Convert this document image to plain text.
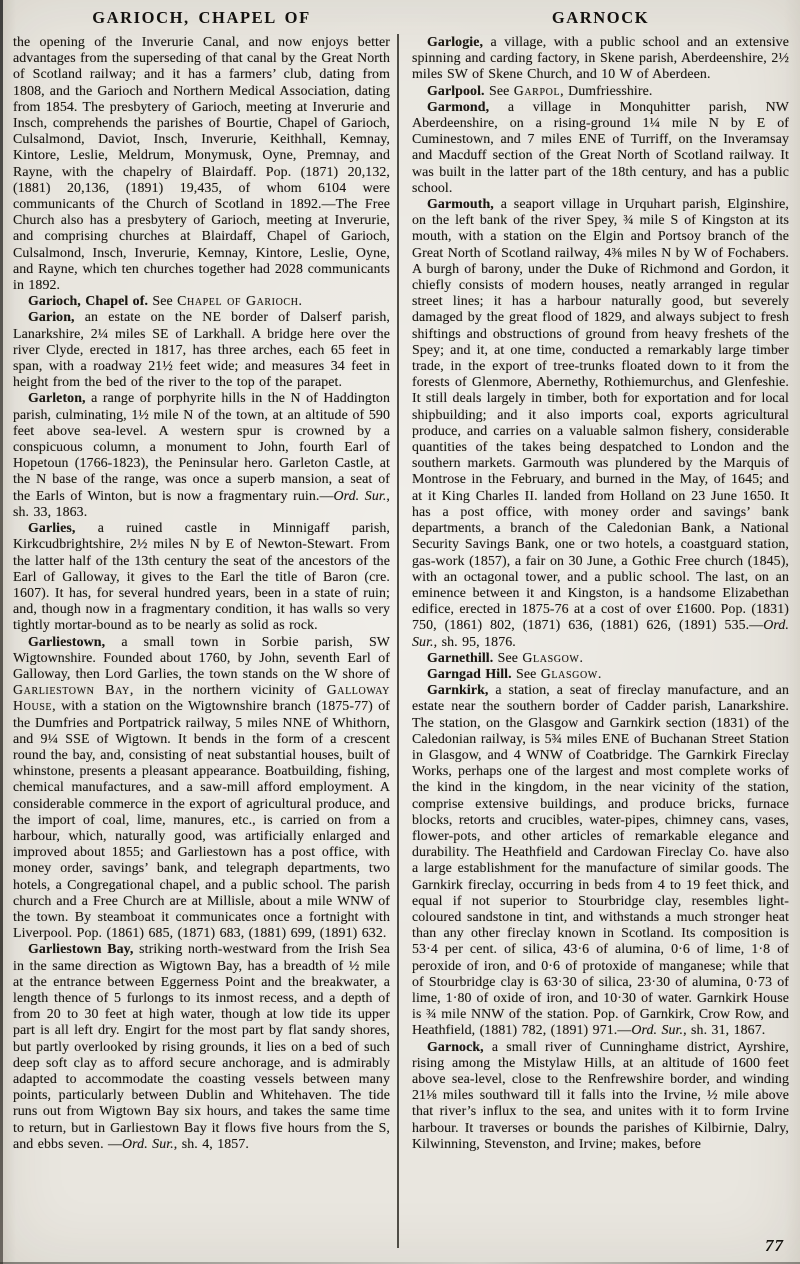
GARIOCH, CHAPEL OF

the opening of the Inverurie Canal, and now enjoys better advantages from the superseding of that canal by the Great North of Scotland railway; and it has a farmers’ club, dating from 1808, and the Garioch and Northern Medical Association, dating from 1854. The presbytery of Garioch, meeting at Inverurie and Insch, comprehends the parishes of Bourtie, Chapel of Garioch, Culsalmond, Daviot, Insch, Inverurie, Keithhall, Kemnay, Kintore, Leslie, Meldrum, Monymusk, Oyne, Premnay, and Rayne, with the chapelry of Blairdaff. Pop. (1871) 20,132, (1881) 20,136, (1891) 19,435, of whom 6104 were communicants of the Church of Scotland in 1892.—The Free Church also has a presbytery of Garioch, meeting at Inverurie, and comprising churches at Blairdaff, Chapel of Garioch, Culsalmond, Insch, Inverurie, Kemnay, Kintore, Leslie, Oyne, and Rayne, which ten churches together had 2028 communicants in 1892.

Garioch, Chapel of. See Chapel of Garioch.

Garion, an estate on the NE border of Dalserf parish, Lanarkshire, 2¼ miles SE of Larkhall. A bridge here over the river Clyde, erected in 1817, has three arches, each 65 feet in span, with a roadway 21½ feet wide; and measures 34 feet in height from the bed of the river to the top of the parapet.

Garleton, a range of porphyrite hills in the N of Haddington parish, culminating, 1½ mile N of the town, at an altitude of 590 feet above sea-level. A western spur is crowned by a conspicuous column, a monument to John, fourth Earl of Hopetoun (1766-1823), the Peninsular hero. Garleton Castle, at the N base of the range, was once a superb mansion, a seat of the Earls of Winton, but is now a fragmentary ruin.—Ord. Sur., sh. 33, 1863.

Garlies, a ruined castle in Minnigaff parish, Kirkcudbrightshire, 2½ miles N by E of Newton-Stewart. From the latter half of the 13th century the seat of the ancestors of the Earl of Galloway, it gives to the Earl the title of Baron (cre. 1607). It has, for several hundred years, been in a state of ruin; and, though now in a fragmentary condition, it has walls so very tightly mortar-bound as to be nearly as solid as rock.

Garliestown, a small town in Sorbie parish, SW Wigtownshire. Founded about 1760, by John, seventh Earl of Galloway, then Lord Garlies, the town stands on the W shore of Garliestown Bay, in the northern vicinity of Galloway House, with a station on the Wigtownshire branch (1875-77) of the Dumfries and Portpatrick railway, 5 miles NNE of Whithorn, and 9¼ SSE of Wigtown. It bends in the form of a crescent round the bay, and, consisting of neat substantial houses, built of whinstone, presents a pleasant appearance. Boatbuilding, fishing, chemical manufactures, and a saw-mill afford employment. A considerable commerce in the export of agricultural produce, and the import of coal, lime, manures, etc., is carried on from a harbour, which, naturally good, was artificially enlarged and improved about 1855; and Garliestown has a post office, with money order, savings’ bank, and telegraph departments, two hotels, a Congregational chapel, and a public school. The parish church and a Free Church are at Millisle, about a mile WNW of the town. By steamboat it communicates once a fortnight with Liverpool. Pop. (1861) 685, (1871) 683, (1881) 699, (1891) 632.

Garliestown Bay, striking north-westward from the Irish Sea in the same direction as Wigtown Bay, has a breadth of ½ mile at the entrance between Eggerness Point and the breakwater, a length thence of 5 furlongs to its inmost recess, and a depth of from 20 to 30 feet at high water, though at low tide its upper part is all left dry. Engirt for the most part by flat sandy shores, but partly overlooked by rising grounds, it lies on a bed of such deep soft clay as to afford secure anchorage, and is admirably adapted to accommodate the coasting vessels between many points, particularly between Dublin and Whitehaven. The tide runs out from Wigtown Bay six hours, and takes the same time to return, but in Garliestown Bay it flows five hours from the S, and ebbs seven. —Ord. Sur., sh. 4, 1857.

GARNOCK

Garlogie, a village, with a public school and an extensive spinning and carding factory, in Skene parish, Aberdeenshire, 2½ miles SW of Skene Church, and 10 W of Aberdeen.

Garlpool. See Garpol, Dumfriesshire.

Garmond, a village in Monquhitter parish, NW Aberdeenshire, on a rising-ground 1¼ mile N by E of Cuminestown, and 7 miles ENE of Turriff, on the Inveramsay and Macduff section of the Great North of Scotland railway. It was built in the latter part of the 18th century, and has a public school.

Garmouth, a seaport village in Urquhart parish, Elginshire, on the left bank of the river Spey, ¾ mile S of Kingston at its mouth, with a station on the Elgin and Portsoy branch of the Great North of Scotland railway, 4⅜ miles N by W of Fochabers. A burgh of barony, under the Duke of Richmond and Gordon, it chiefly consists of modern houses, neatly arranged in regular street lines; it has a harbour naturally good, but severely damaged by the great flood of 1829, and always subject to fresh shiftings and obstructions of ground from heavy freshets of the Spey; and it, at one time, conducted a remarkably large timber trade, in the export of tree-trunks floated down to it from the forests of Glenmore, Abernethy, Rothiemurchus, and Glenfeshie. It still deals largely in timber, both for exportation and for local shipbuilding; and it also imports coal, exports agricultural produce, and carries on a valuable salmon fishery, considerable quantities of the takes being despatched to London and the southern markets. Garmouth was plundered by the Marquis of Montrose in the February, and burned in the May, of 1645; and at it King Charles II. landed from Holland on 23 June 1650. It has a post office, with money order and savings’ bank departments, a branch of the Caledonian Bank, a National Security Savings Bank, one or two hotels, a coastguard station, gas-work (1857), a fair on 30 June, a Gothic Free church (1845), with an octagonal tower, and a public school. The last, on an eminence between it and Kingston, is a handsome Elizabethan edifice, erected in 1875-76 at a cost of over £1600. Pop. (1831) 750, (1861) 802, (1871) 636, (1881) 626, (1891) 535.—Ord. Sur., sh. 95, 1876.

Garnethill. See Glasgow.

Garngad Hill. See Glasgow.

Garnkirk, a station, a seat of fireclay manufacture, and an estate near the southern border of Cadder parish, Lanarkshire. The station, on the Glasgow and Garnkirk section (1831) of the Caledonian railway, is 5¾ miles ENE of Buchanan Street Station in Glasgow, and 4 WNW of Coatbridge. The Garnkirk Fireclay Works, perhaps one of the largest and most complete works of the kind in the kingdom, in the near vicinity of the station, comprise extensive buildings, and produce bricks, furnace blocks, retorts and crucibles, water-pipes, chimney cans, vases, flower-pots, and other articles of remarkable elegance and durability. The Heathfield and Cardowan Fireclay Co. have also a large establishment for the manufacture of similar goods. The Garnkirk fireclay, occurring in beds from 4 to 19 feet thick, and equal if not superior to Stourbridge clay, resembles light-coloured sandstone in tint, and withstands a much stronger heat than any other fireclay known in Scotland. Its composition is 53·4 per cent. of silica, 43·6 of alumina, 0·6 of lime, 1·8 of peroxide of iron, and 0·6 of protoxide of manganese; while that of Stourbridge clay is 63·30 of silica, 23·30 of alumina, 0·73 of lime, 1·80 of oxide of iron, and 10·30 of water. Garnkirk House is ¾ mile NNW of the station. Pop. of Garnkirk, Crow Row, and Heathfield, (1881) 782, (1891) 971.—Ord. Sur., sh. 31, 1867.

Garnock, a small river of Cunninghame district, Ayrshire, rising among the Mistylaw Hills, at an altitude of 1600 feet above sea-level, close to the Renfrewshire border, and winding 21⅛ miles southward till it falls into the Irvine, ½ mile above that river’s influx to the sea, and unites with it to form Irvine harbour. It traverses or bounds the parishes of Kilbirnie, Dalry, Kilwinning, Stevenston, and Irvine; makes, before

77
